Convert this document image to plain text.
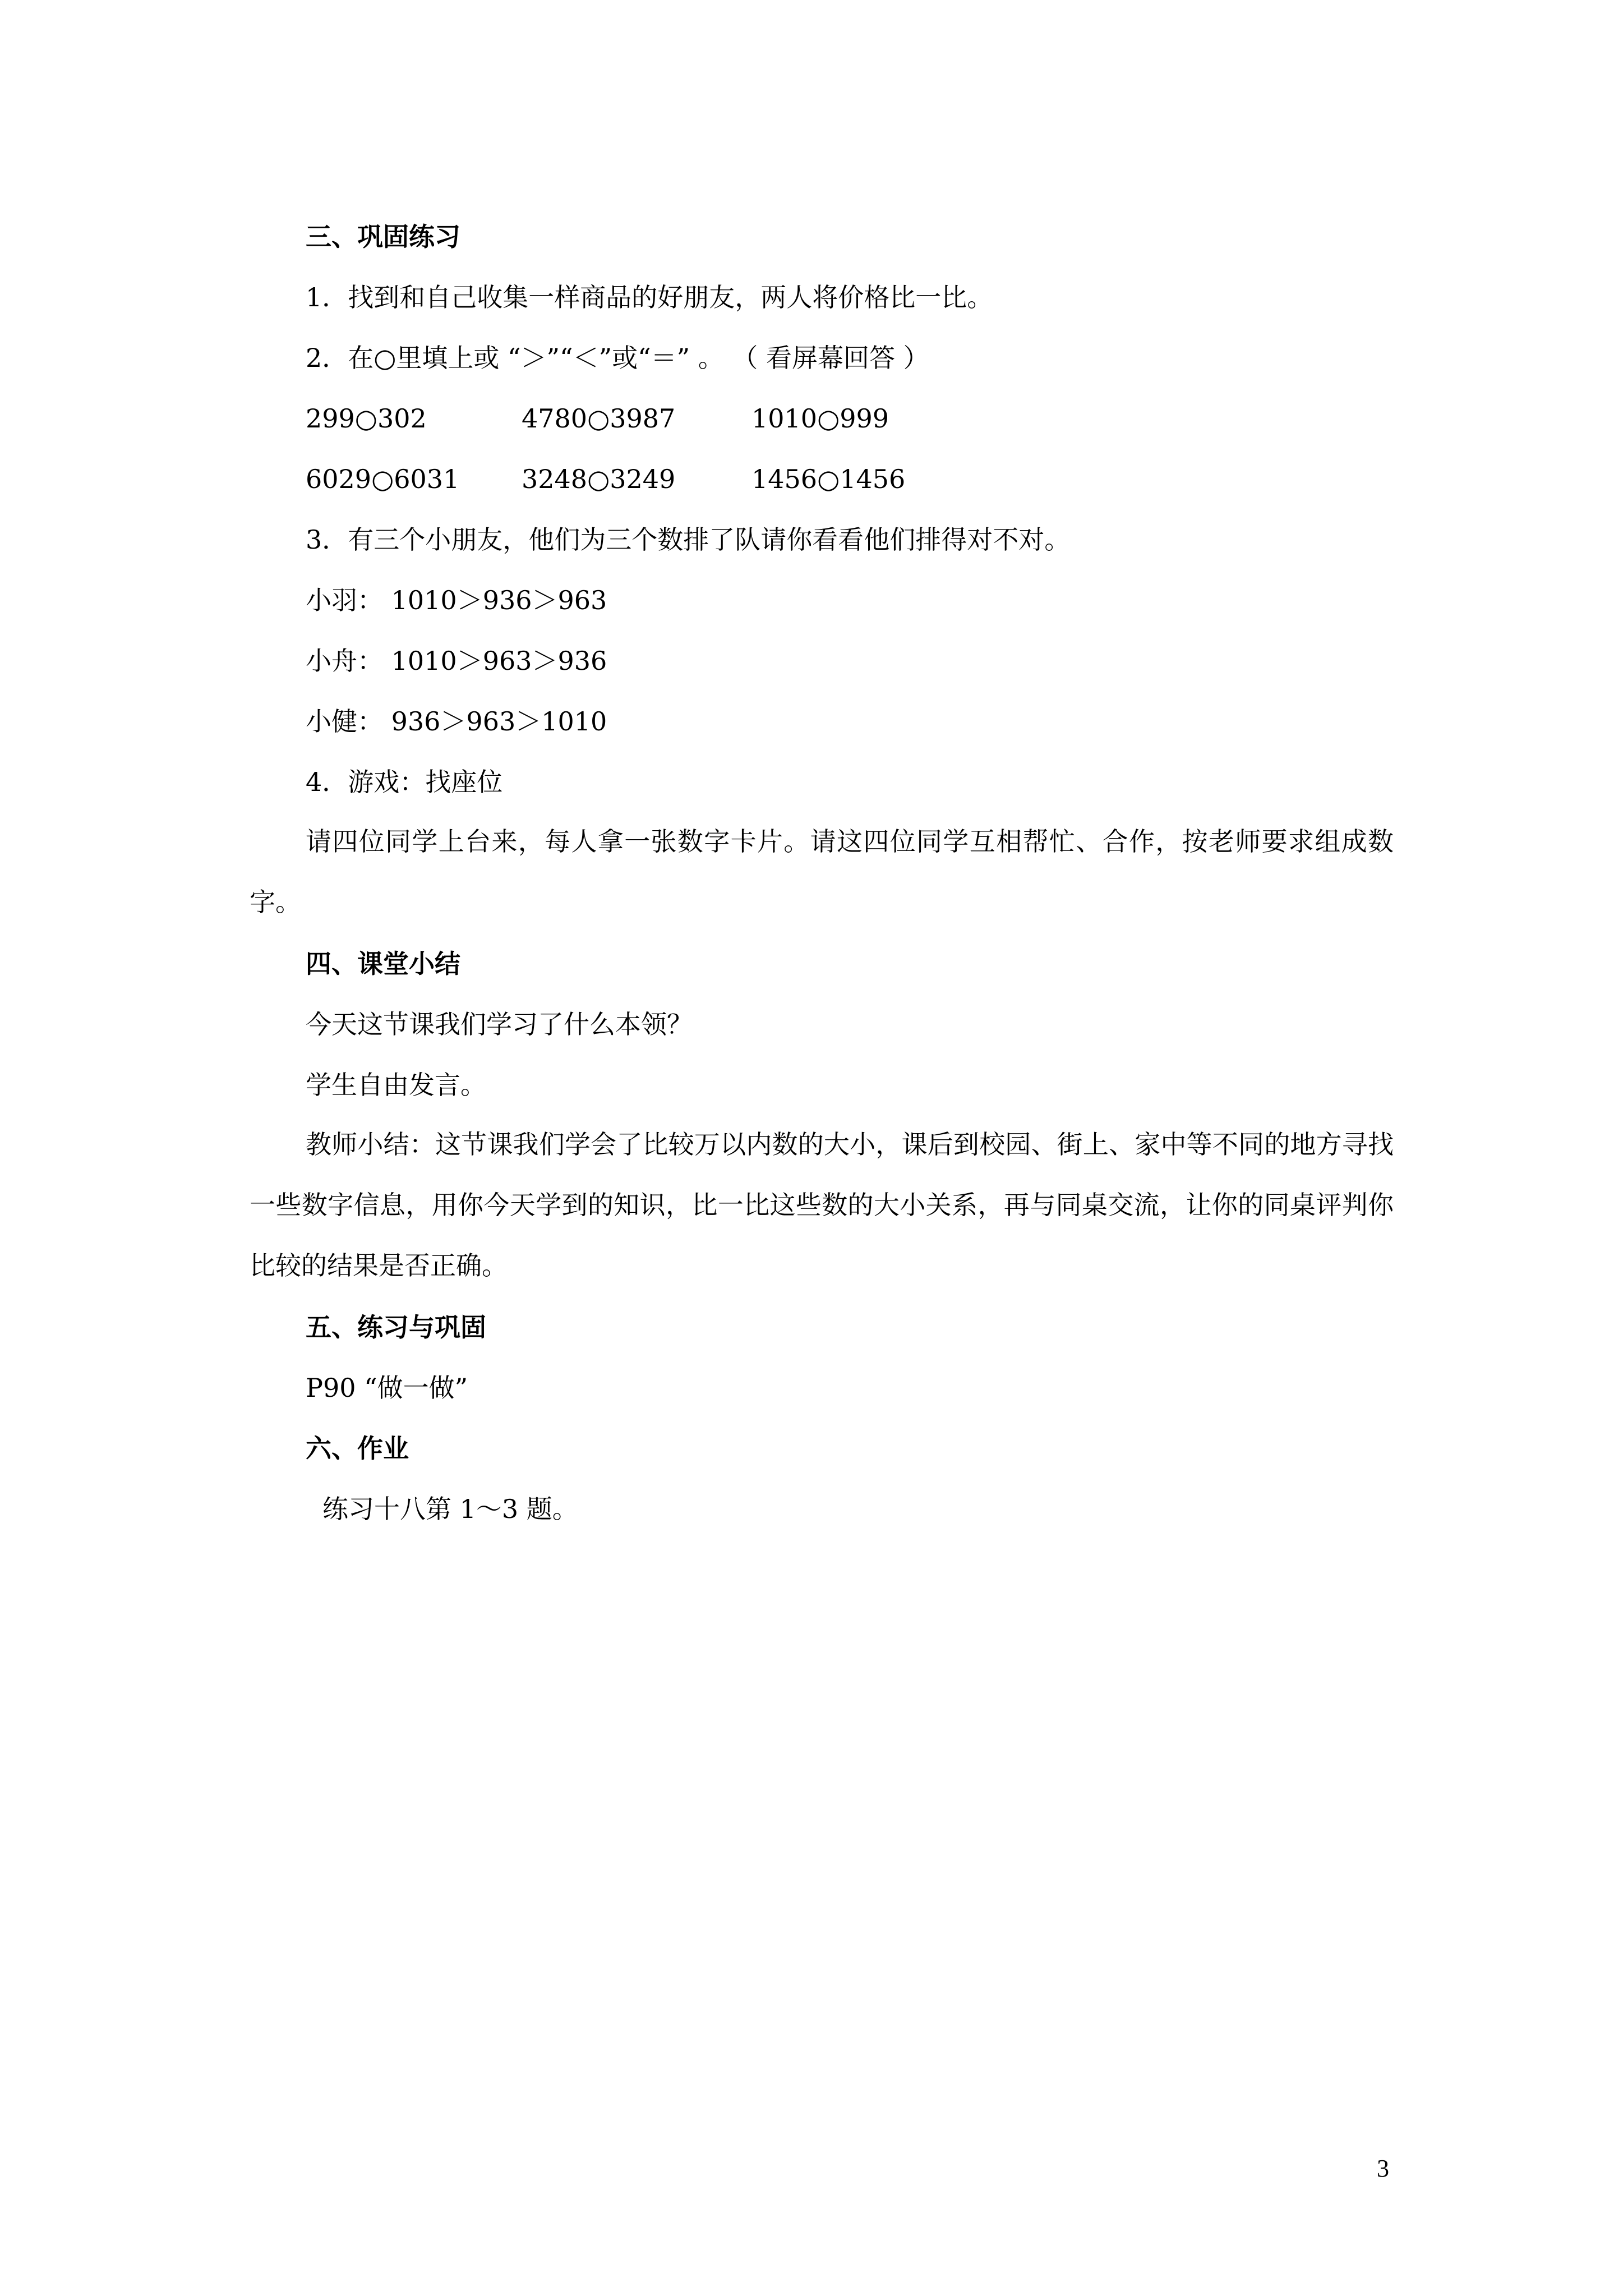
三、巩固练习
1．找到和自己收集一样商品的好朋友，两人将价格比一比。
2．在○里填上或 “＞”“＜”或“＝” 。 （ 看屏幕回答 ）
299○302	4780○3987	1010○999
6029○6031 3248○3249	1456○1456
3．有三个小朋友，他们为三个数排了队请你看看他们排得对不对。
小羽： 1010＞936＞963
小舟： 1010＞963＞936
小健： 936＞963＞1010
4．游戏：找座位
请四位同学上台来，每人拿一张数字卡片。请这四位同学互相帮忙、合作，按老师要求组成数字。
四、课堂小结
今天这节课我们学习了什么本领？
学生自由发言。
教师小结：这节课我们学会了比较万以内数的大小，课后到校园、街上、家中等不同的地方寻找一些数字信息，用你今天学到的知识，比一比这些数的大小关系，再与同桌交流，让你的同桌评判你比较的结果是否正确。
五、练习与巩固
P90 “做一做”
六、作业
练习十八第 1～3 题。
3
